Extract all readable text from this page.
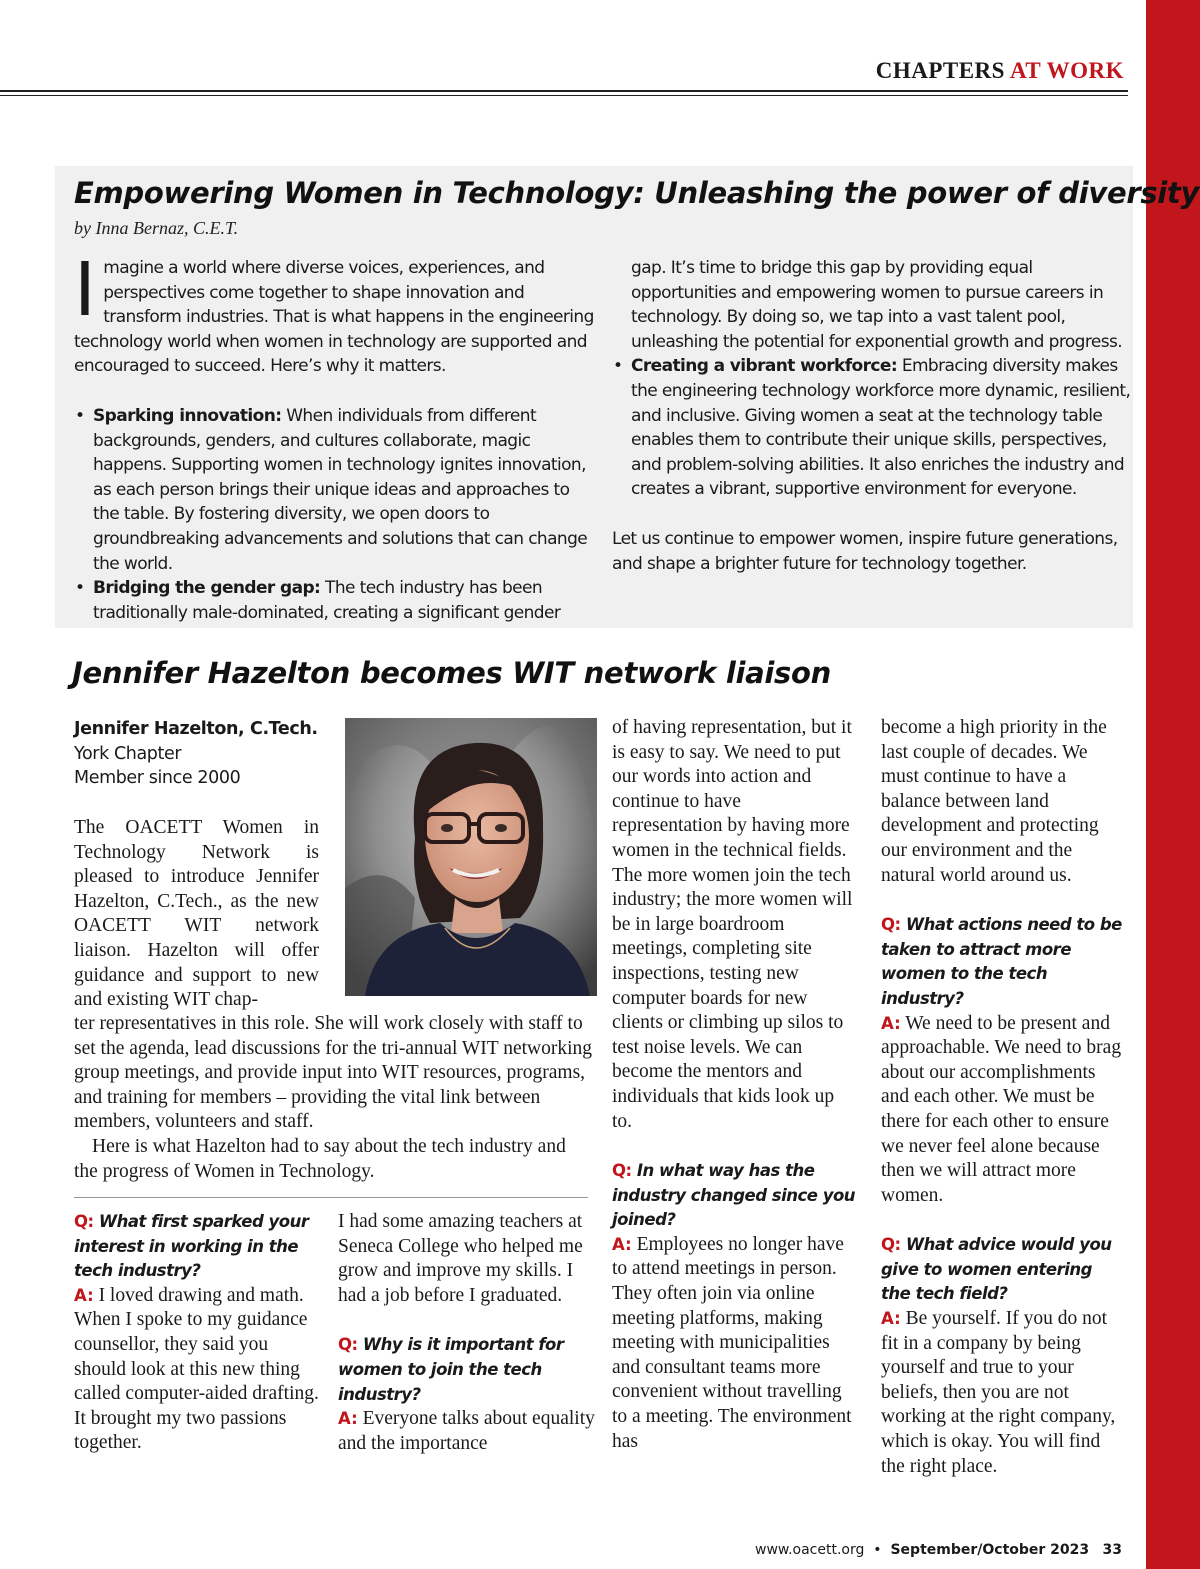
CHAPTERS AT WORK
Empowering Women in Technology: Unleashing the power of diversity
by Inna Bernaz, C.E.T.
Imagine a world where diverse voices, experiences, and perspectives come together to shape innovation and transform industries. That is what happens in the engineering technology world when women in technology are supported and encouraged to succeed. Here’s why it matters.
• Sparking innovation: When individuals from different backgrounds, genders, and cultures collaborate, magic happens. Supporting women in technology ignites innovation, as each person brings their unique ideas and approaches to the table. By fostering diversity, we open doors to groundbreaking advancements and solutions that can change the world.
• Bridging the gender gap: The tech industry has been traditionally male-dominated, creating a significant gender
gap. It’s time to bridge this gap by providing equal opportunities and empowering women to pursue careers in technology. By doing so, we tap into a vast talent pool, unleashing the potential for exponential growth and progress.
• Creating a vibrant workforce: Embracing diversity makes the engineering technology workforce more dynamic, resilient, and inclusive. Giving women a seat at the technology table enables them to contribute their unique skills, perspectives, and problem-solving abilities. It also enriches the industry and creates a vibrant, supportive environment for everyone.
Let us continue to empower women, inspire future generations, and shape a brighter future for technology together.
Jennifer Hazelton becomes WIT network liaison
Jennifer Hazelton, C.Tech.
York Chapter
Member since 2000
The OACETT Women in Technology Network is pleased to introduce Jennifer Hazelton, C.Tech., as the new OACETT WIT network liaison. Hazelton will offer guidance and support to new and existing WIT chap-
ter representatives in this role. She will work closely with staff to set the agenda, lead discussions for the tri-annual WIT networking group meetings, and provide input into WIT resources, programs, and training for members – providing the vital link between members, volunteers and staff.
Here is what Hazelton had to say about the tech industry and the progress of Women in Technology.
Q: What first sparked your interest in working in the tech industry?
A: I loved drawing and math. When I spoke to my guidance counsellor, they said you should look at this new thing called computer-aided drafting. It brought my two passions together.
I had some amazing teachers at Seneca College who helped me grow and improve my skills. I had a job before I graduated.
Q: Why is it important for women to join the tech industry?
A: Everyone talks about equality and the importance
of having representation, but it is easy to say. We need to put our words into action and continue to have representation by having more women in the technical fields. The more women join the tech industry; the more women will be in large boardroom meetings, completing site inspections, testing new computer boards for new clients or climbing up silos to test noise levels. We can become the mentors and individuals that kids look up to.
Q: In what way has the industry changed since you joined?
A: Employees no longer have to attend meetings in person. They often join via online meeting platforms, making meeting with municipalities and consultant teams more convenient without travelling to a meeting. The environment has
become a high priority in the last couple of decades. We must continue to have a balance between land development and protecting our environment and the natural world around us.
Q: What actions need to be taken to attract more women to the tech industry?
A: We need to be present and approachable. We need to brag about our accomplishments and each other. We must be there for each other to ensure we never feel alone because then we will attract more women.
Q: What advice would you give to women entering the tech field?
A: Be yourself. If you do not fit in a company by being yourself and true to your beliefs, then you are not working at the right company, which is okay. You will find the right place.
www.oacett.org • September/October 2023 33
